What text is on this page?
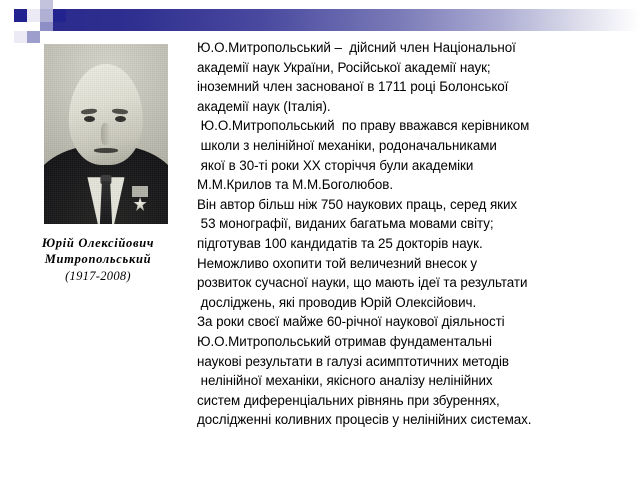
Юрій Олексійович
Митропольський
(1917-2008)

Ю.О.Митропольський –  дійсний член Національної

академії наук України, Російської академії наук;

іноземний член заснованої в 1711 році Болонської

академії наук (Італія).

Ю.О.Митропольський  по праву вважався керівником

школи з нелінійної механіки, родоначальниками

якої в 30-ті роки XX сторіччя були академіки

М.М.Крилов та М.М.Боголюбов.

Він автор більш ніж 750 наукових праць, серед яких

53 монографії, виданих багатьма мовами світу;

підготував 100 кандидатів та 25 докторів наук.

Неможливо охопити той величезний внесок у

розвиток сучасної науки, що мають ідеї та результати

досліджень, які проводив Юрій Олексійович.

За роки своєї майже 60-річної наукової діяльності

Ю.О.Митропольський отримав фундаментальні

наукові результати в галузі асимптотичних методів

нелінійної механіки, якісного аналізу нелінійних

систем диференціальних рівнянь при збуреннях,

дослідженні коливних процесів у нелінійних системах.
